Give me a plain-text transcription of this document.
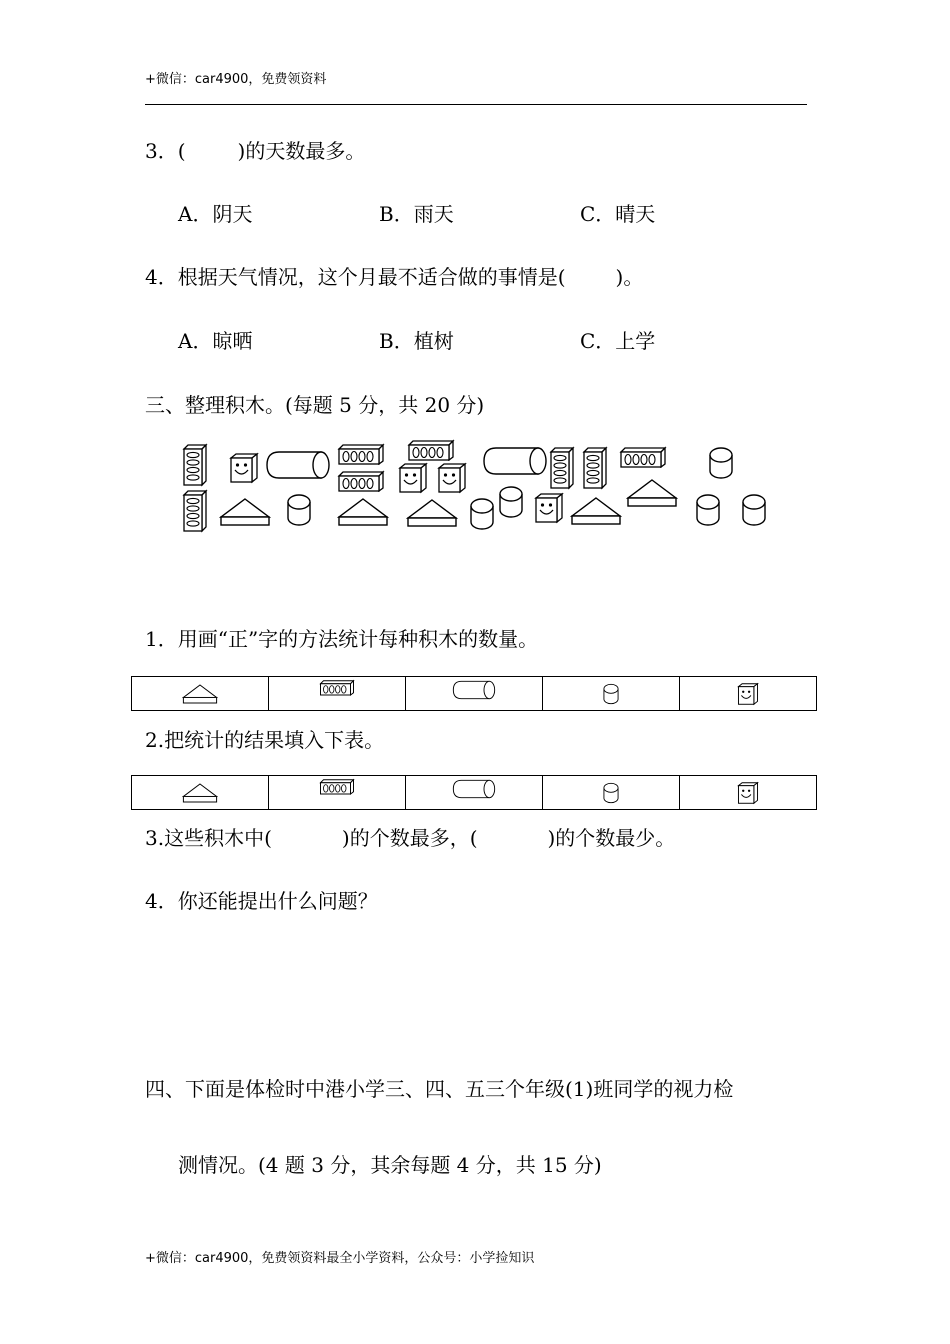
+微信：car4900，免费领资料
3．(	)的天数最多。
A．阴天	B．雨天	C．晴天
4．根据天气情况，这个月最不适合做的事情是(	)。
A．晾晒	B．植树	C．上学
三、整理积木。(每题 5 分，共 20 分)
1．用画“正”字的方法统计每种积木的数量。

2.把统计的结果填入下表。

3.这些积木中(	)的个数最多，(	)的个数最少。
4．你还能提出什么问题？
四、下面是体检时中港小学三、四、五三个年级(1)班同学的视力检
测情况。(4 题 3 分，其余每题 4 分，共 15 分)
+微信：car4900，免费领资料最全小学资料，公众号：小学捡知识
